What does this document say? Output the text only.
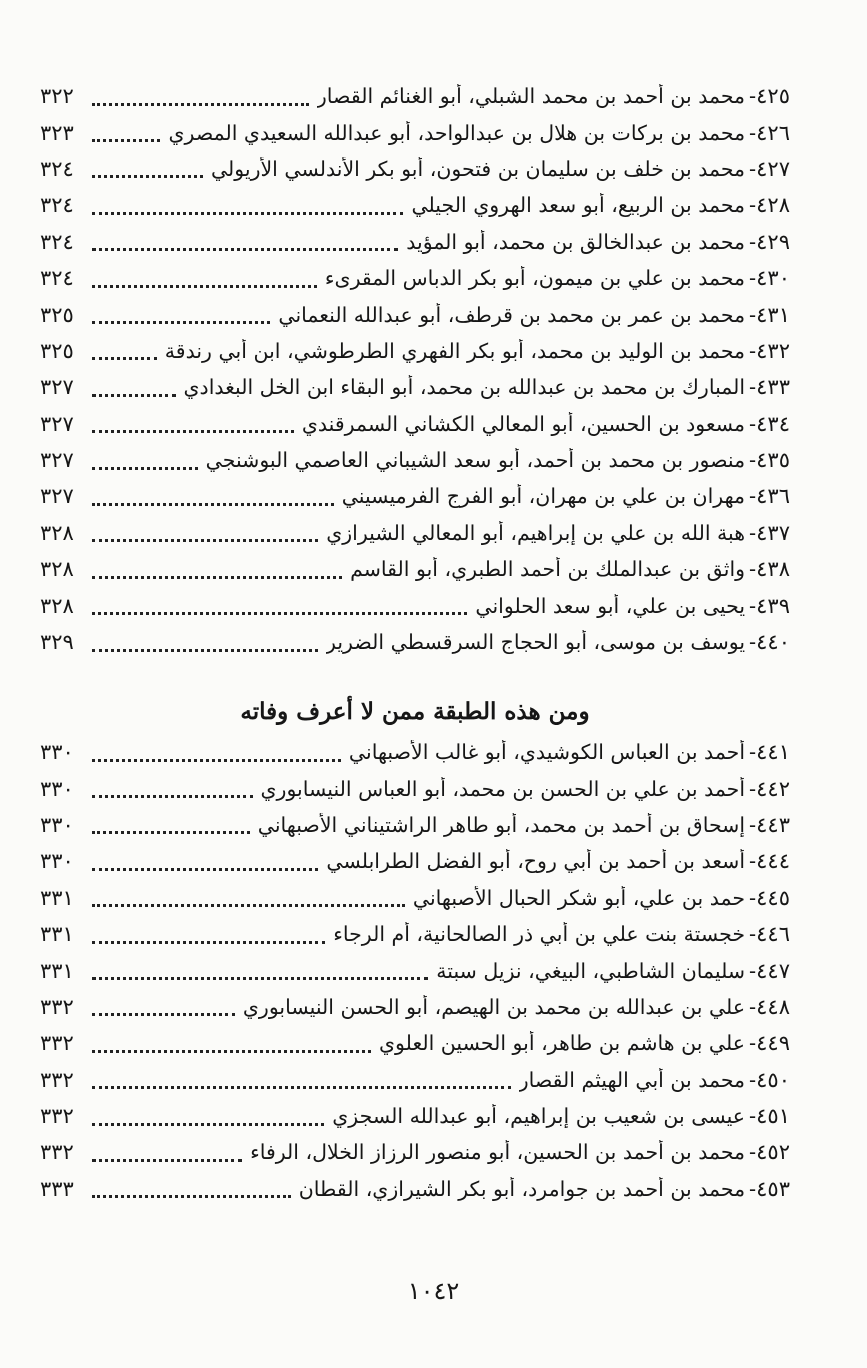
٤٢٥-
محمد بن أحمد بن محمد الشبلي، أبو الغنائم القصار
٣٢٢
٤٢٦-
محمد بن بركات بن هلال بن عبدالواحد، أبو عبدالله السعيدي المصري
٣٢٣
٤٢٧-
محمد بن خلف بن سليمان بن فتحون، أبو بكر الأندلسي الأريولي
٣٢٤
٤٢٨-
محمد بن الربيع، أبو سعد الهروي الجيلي
٣٢٤
٤٢٩-
محمد بن عبدالخالق بن محمد، أبو المؤيد
٣٢٤
٤٣٠-
محمد بن علي بن ميمون، أبو بكر الدباس المقرىء
٣٢٤
٤٣١-
محمد بن عمر بن محمد بن قرطف، أبو عبدالله النعماني
٣٢٥
٤٣٢-
محمد بن الوليد بن محمد، أبو بكر الفهري الطرطوشي، ابن أبي رندقة
٣٢٥
٤٣٣-
المبارك بن محمد بن عبدالله بن محمد، أبو البقاء ابن الخل البغدادي
٣٢٧
٤٣٤-
مسعود بن الحسين، أبو المعالي الكشاني السمرقندي
٣٢٧
٤٣٥-
منصور بن محمد بن أحمد، أبو سعد الشيباني العاصمي البوشنجي
٣٢٧
٤٣٦-
مهران بن علي بن مهران، أبو الفرج الفرميسيني
٣٢٧
٤٣٧-
هبة الله بن علي بن إبراهيم، أبو المعالي الشيرازي
٣٢٨
٤٣٨-
واثق بن عبدالملك بن أحمد الطبري، أبو القاسم
٣٢٨
٤٣٩-
يحيى بن علي، أبو سعد الحلواني
٣٢٨
٤٤٠-
يوسف بن موسى، أبو الحجاج السرقسطي الضرير
٣٢٩
ومن هذه الطبقة ممن لا أعرف وفاته
٤٤١-
أحمد بن العباس الكوشيدي، أبو غالب الأصبهاني
٣٣٠
٤٤٢-
أحمد بن علي بن الحسن بن محمد، أبو العباس النيسابوري
٣٣٠
٤٤٣-
إسحاق بن أحمد بن محمد، أبو طاهر الراشتيناني الأصبهاني
٣٣٠
٤٤٤-
أسعد بن أحمد بن أبي روح، أبو الفضل الطرابلسي
٣٣٠
٤٤٥-
حمد بن علي، أبو شكر الحبال الأصبهاني
٣٣١
٤٤٦-
خجستة بنت علي بن أبي ذر الصالحانية، أم الرجاء
٣٣١
٤٤٧-
سليمان الشاطبي، البيغي، نزيل سبتة
٣٣١
٤٤٨-
علي بن عبدالله بن محمد بن الهيصم، أبو الحسن النيسابوري
٣٣٢
٤٤٩-
علي بن هاشم بن طاهر، أبو الحسين العلوي
٣٣٢
٤٥٠-
محمد بن أبي الهيثم القصار
٣٣٢
٤٥١-
عيسى بن شعيب بن إبراهيم، أبو عبدالله السجزي
٣٣٢
٤٥٢-
محمد بن أحمد بن الحسين، أبو منصور الرزاز الخلال، الرفاء
٣٣٢
٤٥٣-
محمد بن أحمد بن جوامرد، أبو بكر الشيرازي، القطان
٣٣٣
١٠٤٢
